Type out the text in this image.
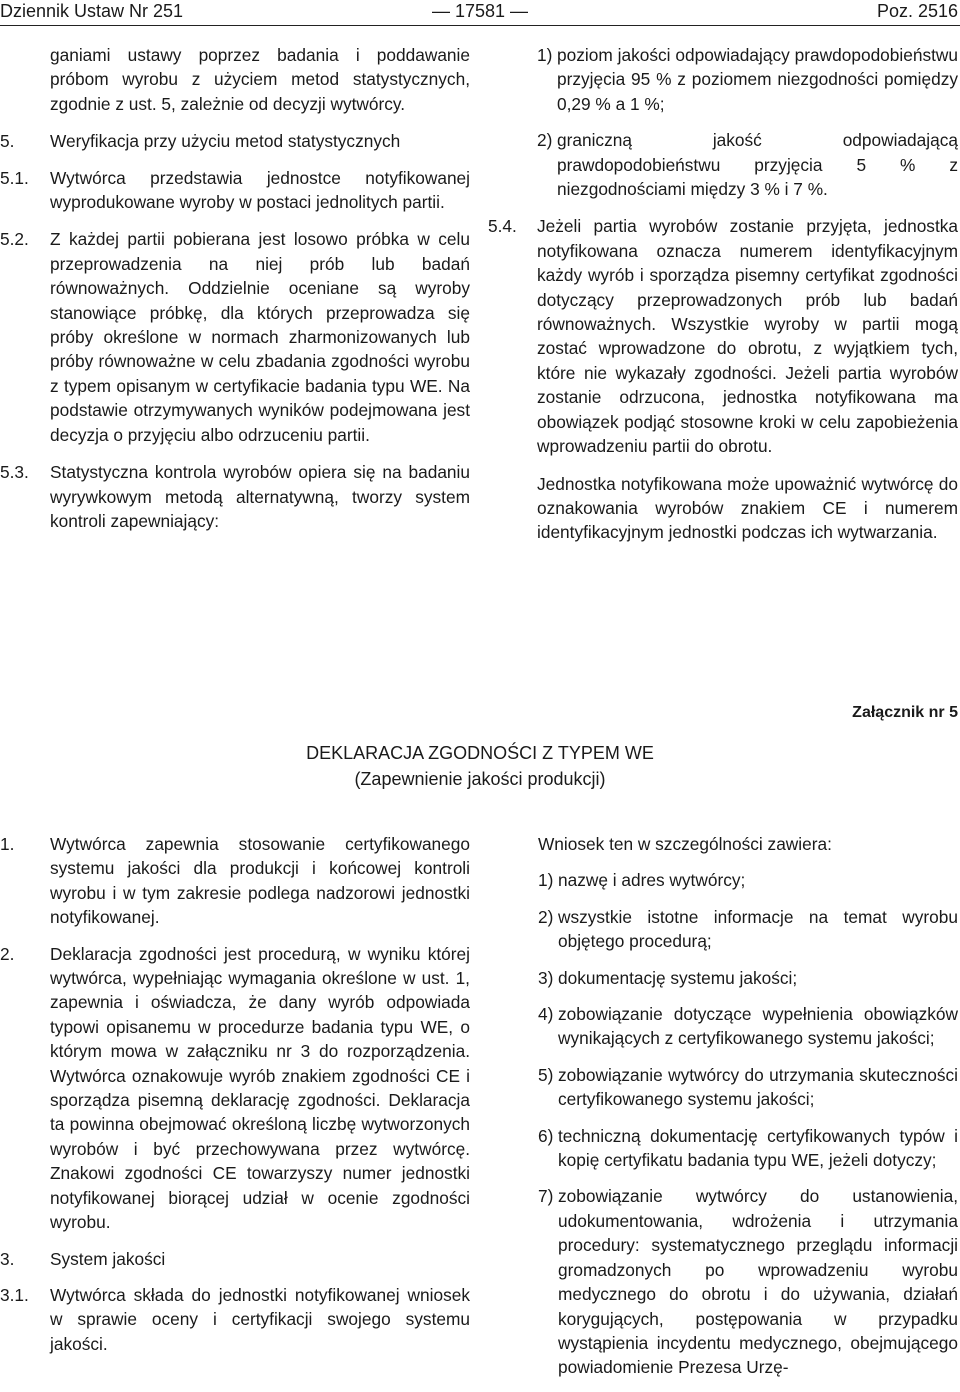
Dziennik Ustaw Nr 251	— 17581 —	Poz. 2516

ganiami ustawy poprzez badania i poddawanie próbom wyrobu z użyciem metod statystycznych, zgodnie z ust. 5, zależnie od decyzji wytwórcy.

5. Weryfikacja przy użyciu metod statystycznych

5.1. Wytwórca przedstawia jednostce notyfikowanej wyprodukowane wyroby w postaci jednolitych partii.

5.2. Z każdej partii pobierana jest losowo próbka w celu przeprowadzenia na niej prób lub badań równoważnych. Oddzielnie oceniane są wyroby stanowiące próbkę, dla których przeprowadza się próby określone w normach zharmonizowanych lub próby równoważne w celu zbadania zgodności wyrobu z typem opisanym w certyfikacie badania typu WE. Na podstawie otrzymywanych wyników podejmowana jest decyzja o przyjęciu albo odrzuceniu partii.

5.3. Statystyczna kontrola wyrobów opiera się na badaniu wyrywkowym metodą alternatywną, tworzy system kontroli zapewniający:

1) poziom jakości odpowiadający prawdopodobieństwu przyjęcia 95 % z poziomem niezgodności pomiędzy 0,29 % a 1 %;

2) graniczną jakość odpowiadającą prawdopodobieństwu przyjęcia 5 % z niezgodnościami między 3 % i 7 %.

5.4. Jeżeli partia wyrobów zostanie przyjęta, jednostka notyfikowana oznacza numerem identyfikacyjnym każdy wyrób i sporządza pisemny certyfikat zgodności dotyczący przeprowadzonych prób lub badań równoważnych. Wszystkie wyroby w partii mogą zostać wprowadzone do obrotu, z wyjątkiem tych, które nie wykazały zgodności. Jeżeli partia wyrobów zostanie odrzucona, jednostka notyfikowana ma obowiązek podjąć stosowne kroki w celu zapobieżenia wprowadzeniu partii do obrotu.

Jednostka notyfikowana może upoważnić wytwórcę do oznakowania wyrobów znakiem CE i numerem identyfikacyjnym jednostki podczas ich wytwarzania.

Załącznik nr 5
DEKLARACJA ZGODNOŚCI Z TYPEM WE
(Zapewnienie jakości produkcji)

1. Wytwórca zapewnia stosowanie certyfikowanego systemu jakości dla produkcji i końcowej kontroli wyrobu i w tym zakresie podlega nadzorowi jednostki notyfikowanej.

2. Deklaracja zgodności jest procedurą, w wyniku której wytwórca, wypełniając wymagania określone w ust. 1, zapewnia i oświadcza, że dany wyrób odpowiada typowi opisanemu w procedurze badania typu WE, o którym mowa w załączniku nr 3 do rozporządzenia. Wytwórca oznakowuje wyrób znakiem zgodności CE i sporządza pisemną deklarację zgodności. Deklaracja ta powinna obejmować określoną liczbę wytworzonych wyrobów i być przechowywana przez wytwórcę. Znakowi zgodności CE towarzyszy numer jednostki notyfikowanej biorącej udział w ocenie zgodności wyrobu.

3. System jakości

3.1. Wytwórca składa do jednostki notyfikowanej wniosek w sprawie oceny i certyfikacji swojego systemu jakości.

Wniosek ten w szczególności zawiera:

1) nazwę i adres wytwórcy;

2) wszystkie istotne informacje na temat wyrobu objętego procedurą;

3) dokumentację systemu jakości;

4) zobowiązanie dotyczące wypełnienia obowiązków wynikających z certyfikowanego systemu jakości;

5) zobowiązanie wytwórcy do utrzymania skuteczności certyfikowanego systemu jakości;

6) techniczną dokumentację certyfikowanych typów i kopię certyfikatu badania typu WE, jeżeli dotyczy;

7) zobowiązanie wytwórcy do ustanowienia, udokumentowania, wdrożenia i utrzymania procedury: systematycznego przeglądu informacji gromadzonych po wprowadzeniu wyrobu medycznego do obrotu i do używania, działań korygujących, postępowania w przypadku wystąpienia incydentu medycznego, obejmującego powiadomienie Prezesa Urzę-
